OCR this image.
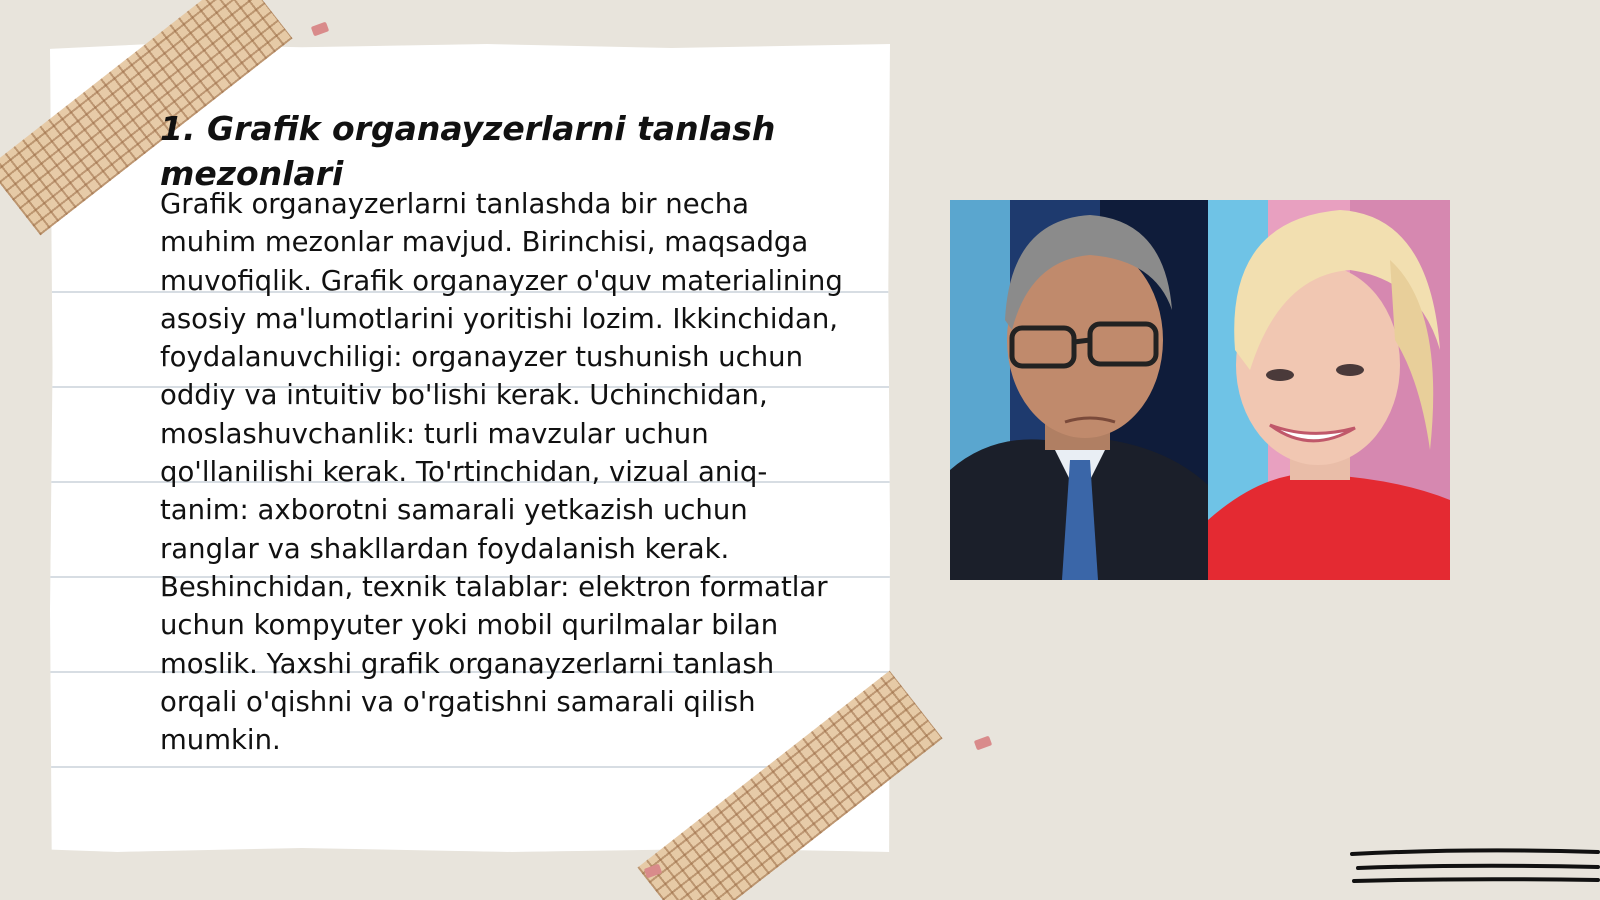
1. Grafik organayzerlarni tanlash mezonlari

Grafik organayzerlarni tanlashda bir necha muhim mezonlar mavjud. Birinchisi, maqsadga muvofiqlik. Grafik organayzer o'quv materialining asosiy ma'lumotlarini yoritishi lozim. Ikkinchidan, foydalanuvchiligi: organayzer tushunish uchun oddiy va intuitiv bo'lishi kerak. Uchinchidan, moslashuvchanlik: turli mavzular uchun qo'llanilishi kerak. To'rtinchidan, vizual aniq-tanim: axborotni samarali yetkazish uchun ranglar va shakllardan foydalanish kerak. Beshinchidan, texnik talablar: elektron formatlar uchun kompyuter yoki mobil qurilmalar bilan moslik. Yaxshi grafik organayzerlarni tanlash orqali o'qishni va o'rgatishni samarali qilish mumkin.
